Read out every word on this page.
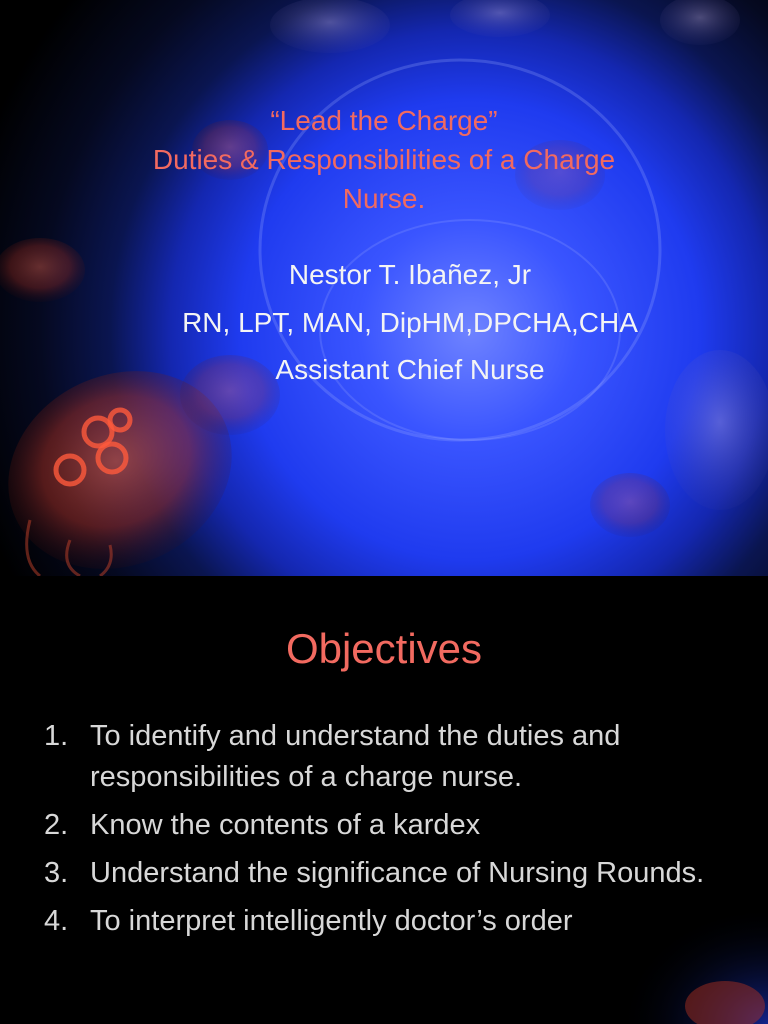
“Lead the Charge”
Duties & Responsibilities of a Charge
Nurse.
Nestor T. Ibañez, Jr
RN, LPT, MAN, DipHM,DPCHA,CHA
Assistant Chief Nurse
Objectives
1. To identify and understand the duties and responsibilities of a charge nurse.
2. Know the contents of a kardex
3. Understand the significance of Nursing Rounds.
4. To interpret intelligently doctor’s order
